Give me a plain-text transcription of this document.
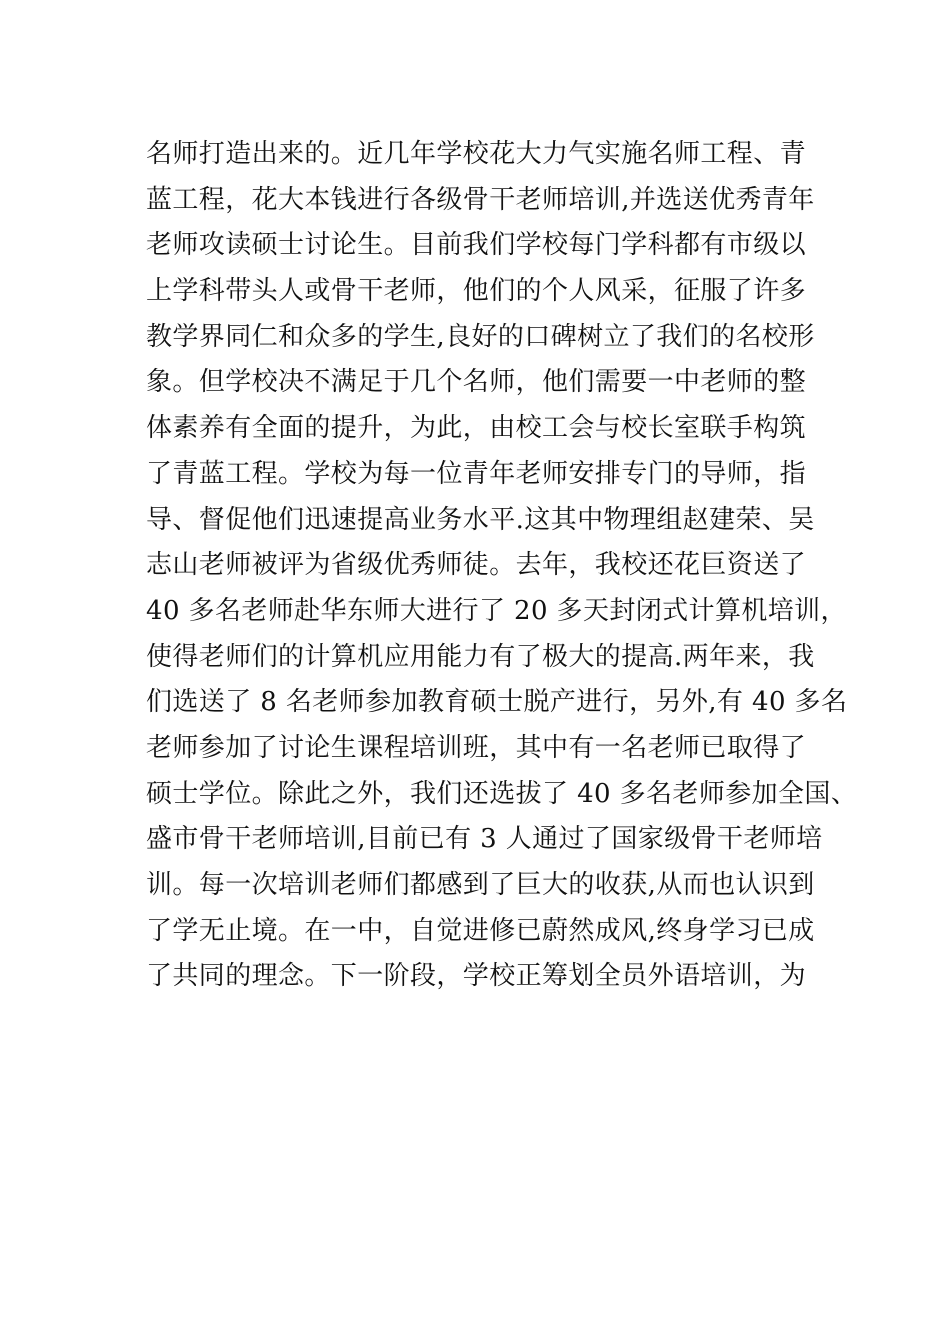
名师打造出来的。近几年学校花大力气实施名师工程、青
蓝工程，花大本钱进行各级骨干老师培训,并选送优秀青年
老师攻读硕士讨论生。目前我们学校每门学科都有市级以
上学科带头人或骨干老师，他们的个人风采，征服了许多
教学界同仁和众多的学生,良好的口碑树立了我们的名校形
象。但学校决不满足于几个名师，他们需要一中老师的整
体素养有全面的提升，为此，由校工会与校长室联手构筑
了青蓝工程。学校为每一位青年老师安排专门的导师，指
导、督促他们迅速提高业务水平.这其中物理组赵建荣、吴
志山老师被评为省级优秀师徒。去年，我校还花巨资送了
40 多名老师赴华东师大进行了 20 多天封闭式计算机培训，
使得老师们的计算机应用能力有了极大的提高.两年来，我
们选送了 8 名老师参加教育硕士脱产进行，另外,有 40 多名
老师参加了讨论生课程培训班，其中有一名老师已取得了
硕士学位。除此之外，我们还选拔了 40 多名老师参加全国、
盛市骨干老师培训,目前已有 3 人通过了国家级骨干老师培
训。每一次培训老师们都感到了巨大的收获,从而也认识到
了学无止境。在一中，自觉进修已蔚然成风,终身学习已成
了共同的理念。下一阶段，学校正筹划全员外语培训，为
